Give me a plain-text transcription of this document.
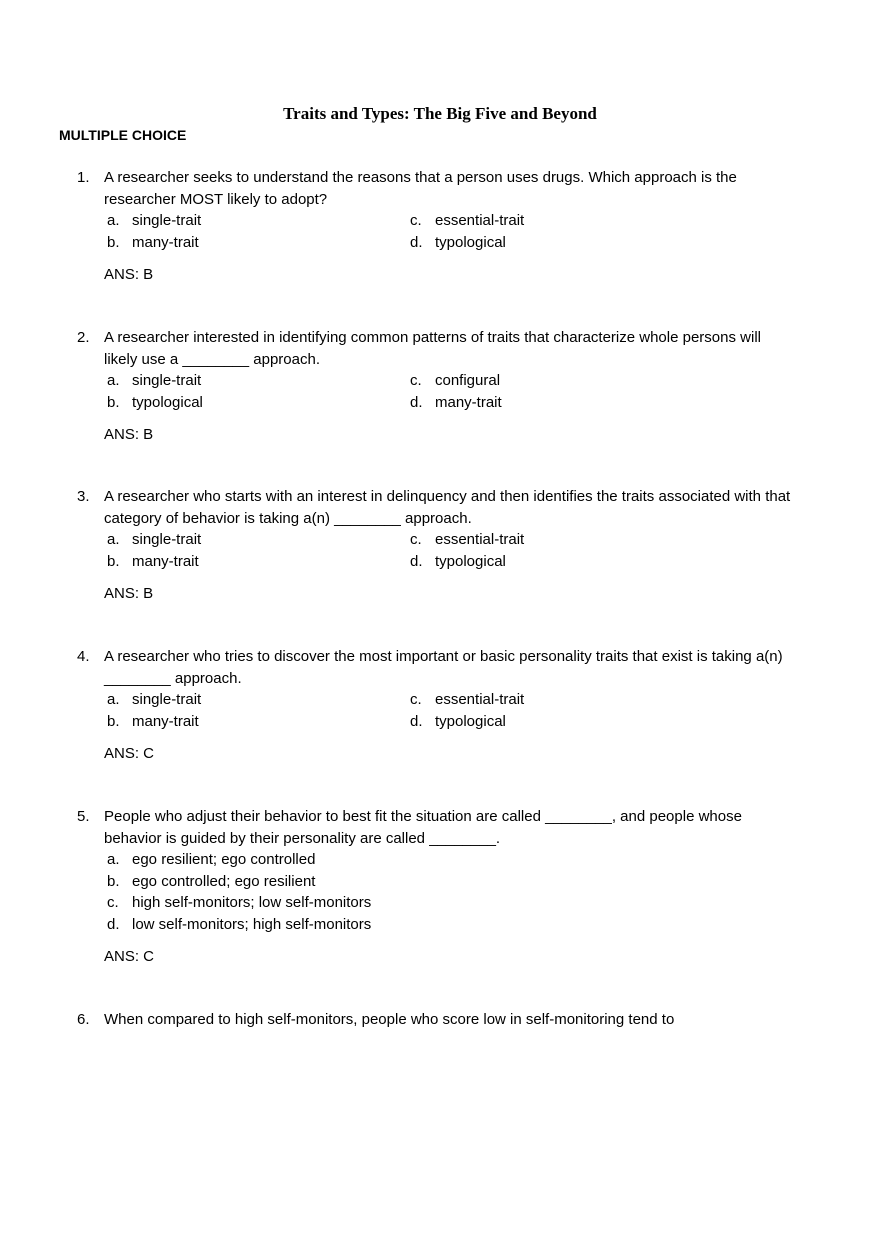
Traits and Types: The Big Five and Beyond
MULTIPLE CHOICE
1. A researcher seeks to understand the reasons that a person uses drugs. Which approach is the researcher MOST likely to adopt?
a. single-trait
b. many-trait
c. essential-trait
d. typological
ANS: B
2. A researcher interested in identifying common patterns of traits that characterize whole persons will likely use a ________ approach.
a. single-trait
b. typological
c. configural
d. many-trait
ANS: B
3. A researcher who starts with an interest in delinquency and then identifies the traits associated with that category of behavior is taking a(n) ________ approach.
a. single-trait
b. many-trait
c. essential-trait
d. typological
ANS: B
4. A researcher who tries to discover the most important or basic personality traits that exist is taking a(n) ________ approach.
a. single-trait
b. many-trait
c. essential-trait
d. typological
ANS: C
5. People who adjust their behavior to best fit the situation are called ________, and people whose behavior is guided by their personality are called ________.
a. ego resilient; ego controlled
b. ego controlled; ego resilient
c. high self-monitors; low self-monitors
d. low self-monitors; high self-monitors
ANS: C
6. When compared to high self-monitors, people who score low in self-monitoring tend to
